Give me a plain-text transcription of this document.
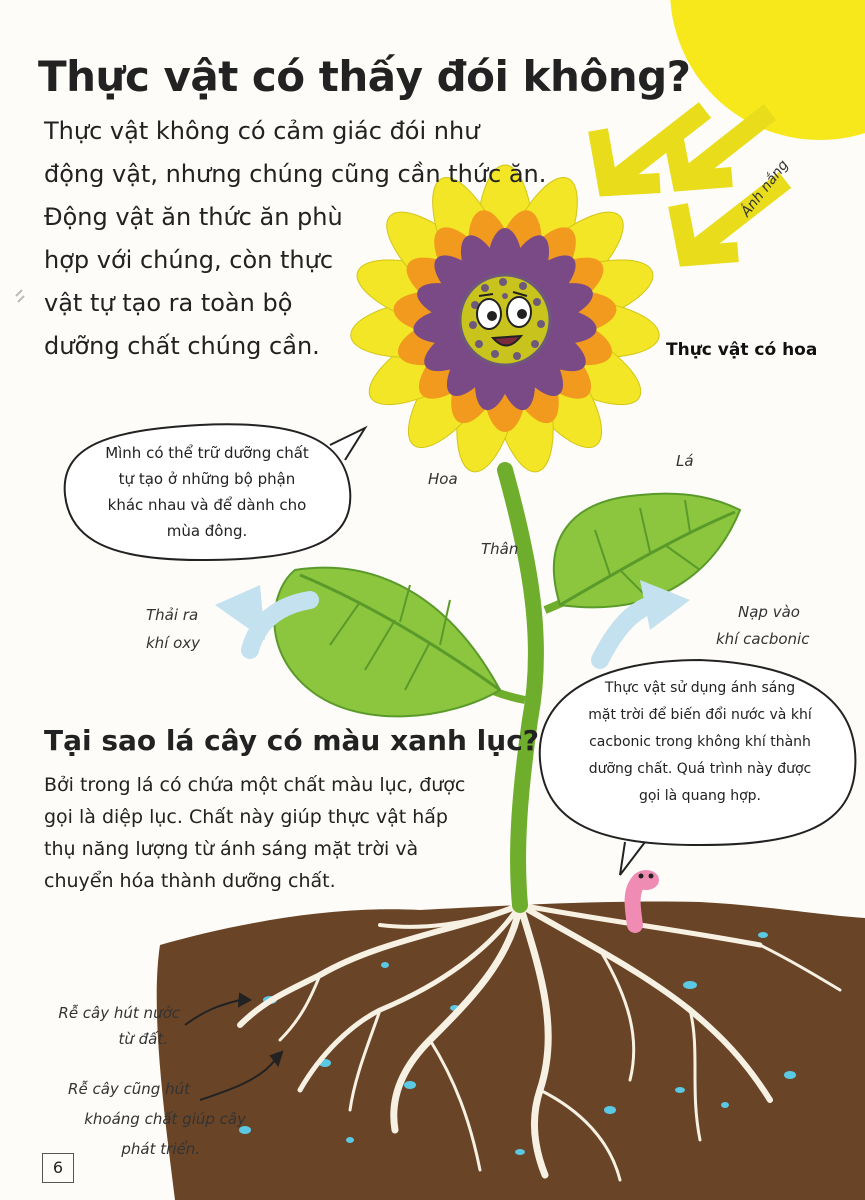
Thực vật có thấy đói không?
Thực vật không có cảm giác đói như
động vật, nhưng chúng cũng cần thức ăn.
Động vật ăn thức ăn phù
hợp với chúng, còn thực
vật tự tạo ra toàn bộ
dưỡng chất chúng cần.
Ánh nắng
Thực vật có hoa
Hoa
Lá
Thân
Thải ra
khí oxy
Nạp vào
khí cacbonic
Mình có thể trữ dưỡng chất
tự tạo ở những bộ phận
khác nhau và để dành cho
mùa đông.
Thực vật sử dụng ánh sáng
mặt trời để biến đổi nước và khí
cacbonic trong không khí thành
dưỡng chất. Quá trình này được
gọi là quang hợp.
Tại sao lá cây có màu xanh lục?
Bởi trong lá có chứa một chất màu lục, được
gọi là diệp lục. Chất này giúp thực vật hấp
thụ năng lượng từ ánh sáng mặt trời và
chuyển hóa thành dưỡng chất.
Rễ cây hút nước
từ đất.
Rễ cây cũng hút
khoáng chất giúp cây
phát triển.
6
